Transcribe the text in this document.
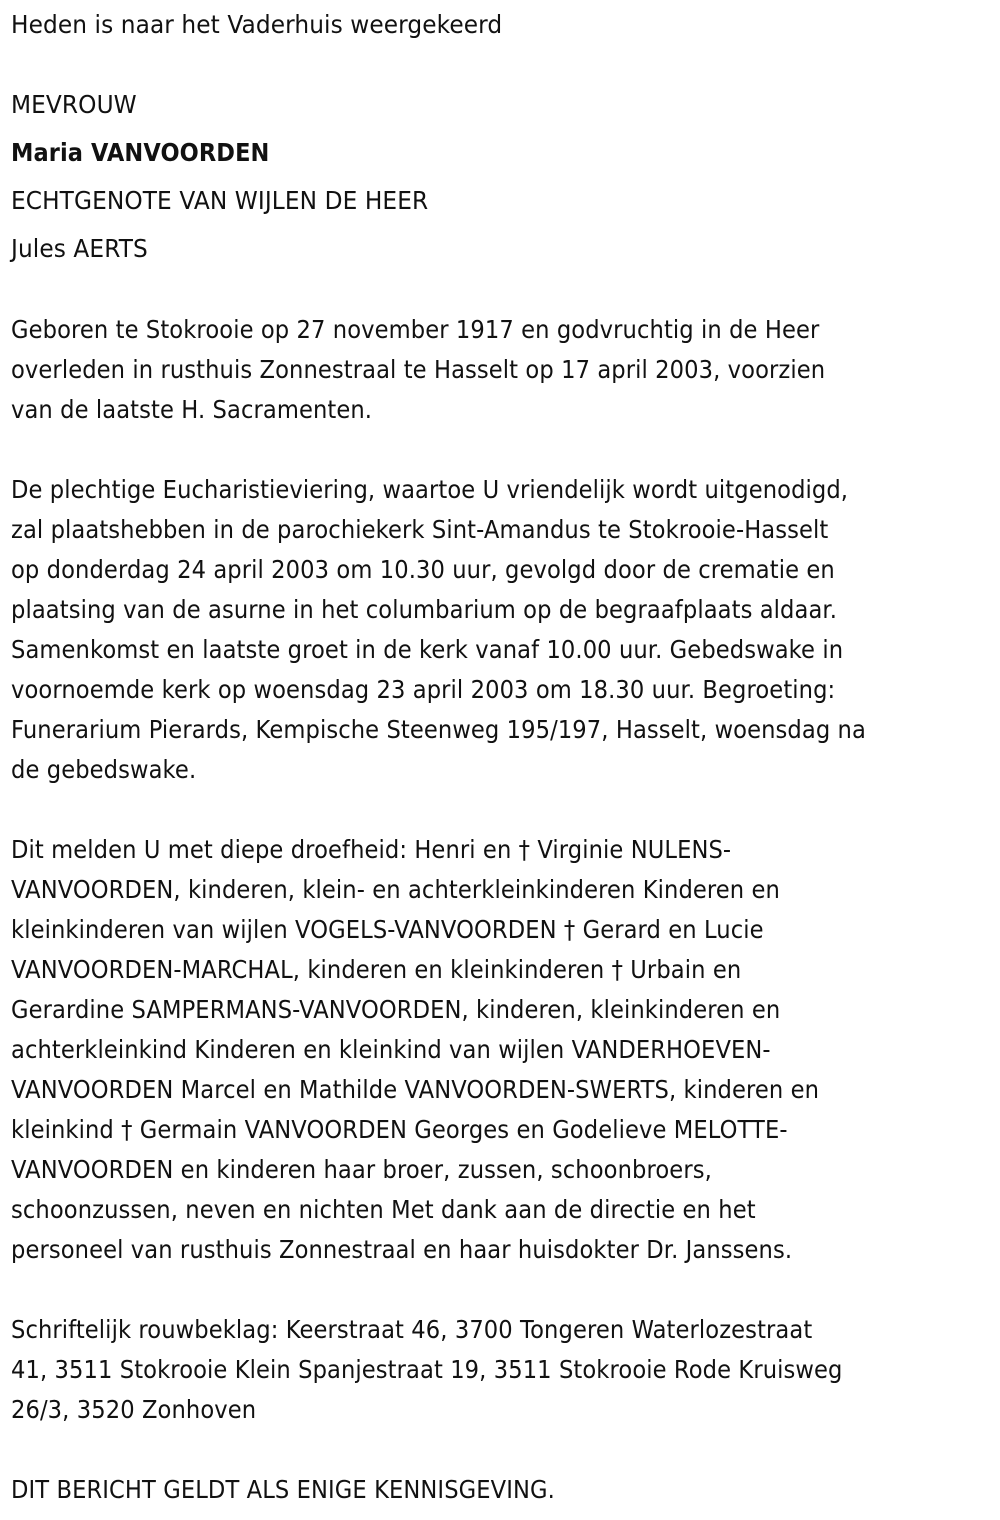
Heden is naar het Vaderhuis weergekeerd
MEVROUW
Maria VANVOORDEN
ECHTGENOTE VAN WIJLEN DE HEER
Jules AERTS
Geboren te Stokrooie op 27 november 1917 en godvruchtig in de Heer
overleden in rusthuis Zonnestraal te Hasselt op 17 april 2003, voorzien
van de laatste H. Sacramenten.
De plechtige Eucharistieviering, waartoe U vriendelijk wordt uitgenodigd,
zal plaatshebben in de parochiekerk Sint-Amandus te Stokrooie-Hasselt
op donderdag 24 april 2003 om 10.30 uur, gevolgd door de crematie en
plaatsing van de asurne in het columbarium op de begraafplaats aldaar.
Samenkomst en laatste groet in de kerk vanaf 10.00 uur. Gebedswake in
voornoemde kerk op woensdag 23 april 2003 om 18.30 uur. Begroeting:
Funerarium Pierards, Kempische Steenweg 195/197, Hasselt, woensdag na
de gebedswake.
Dit melden U met diepe droefheid: Henri en † Virginie NULENS-
VANVOORDEN, kinderen, klein- en achterkleinkinderen Kinderen en
kleinkinderen van wijlen VOGELS-VANVOORDEN † Gerard en Lucie
VANVOORDEN-MARCHAL, kinderen en kleinkinderen † Urbain en
Gerardine SAMPERMANS-VANVOORDEN, kinderen, kleinkinderen en
achterkleinkind Kinderen en kleinkind van wijlen VANDERHOEVEN-
VANVOORDEN Marcel en Mathilde VANVOORDEN-SWERTS, kinderen en
kleinkind † Germain VANVOORDEN Georges en Godelieve MELOTTE-
VANVOORDEN en kinderen haar broer, zussen, schoonbroers,
schoonzussen, neven en nichten Met dank aan de directie en het
personeel van rusthuis Zonnestraal en haar huisdokter Dr. Janssens.
Schriftelijk rouwbeklag: Keerstraat 46, 3700 Tongeren Waterlozestraat
41, 3511 Stokrooie Klein Spanjestraat 19, 3511 Stokrooie Rode Kruisweg
26/3, 3520 Zonhoven
DIT BERICHT GELDT ALS ENIGE KENNISGEVING.
